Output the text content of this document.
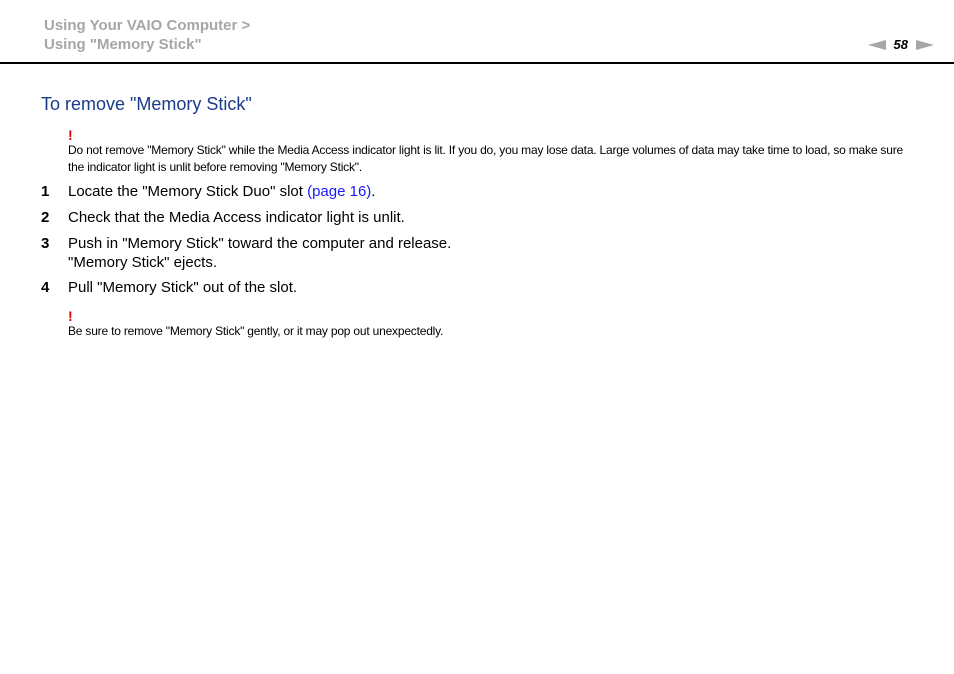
Using Your VAIO Computer >
Using "Memory Stick"	58
To remove "Memory Stick"
!
Do not remove "Memory Stick" while the Media Access indicator light is lit. If you do, you may lose data. Large volumes of data may take time to load, so make sure the indicator light is unlit before removing "Memory Stick".
1	Locate the "Memory Stick Duo" slot (page 16).
2	Check that the Media Access indicator light is unlit.
3	Push in "Memory Stick" toward the computer and release.
"Memory Stick" ejects.
4	Pull "Memory Stick" out of the slot.
!
Be sure to remove "Memory Stick" gently, or it may pop out unexpectedly.
